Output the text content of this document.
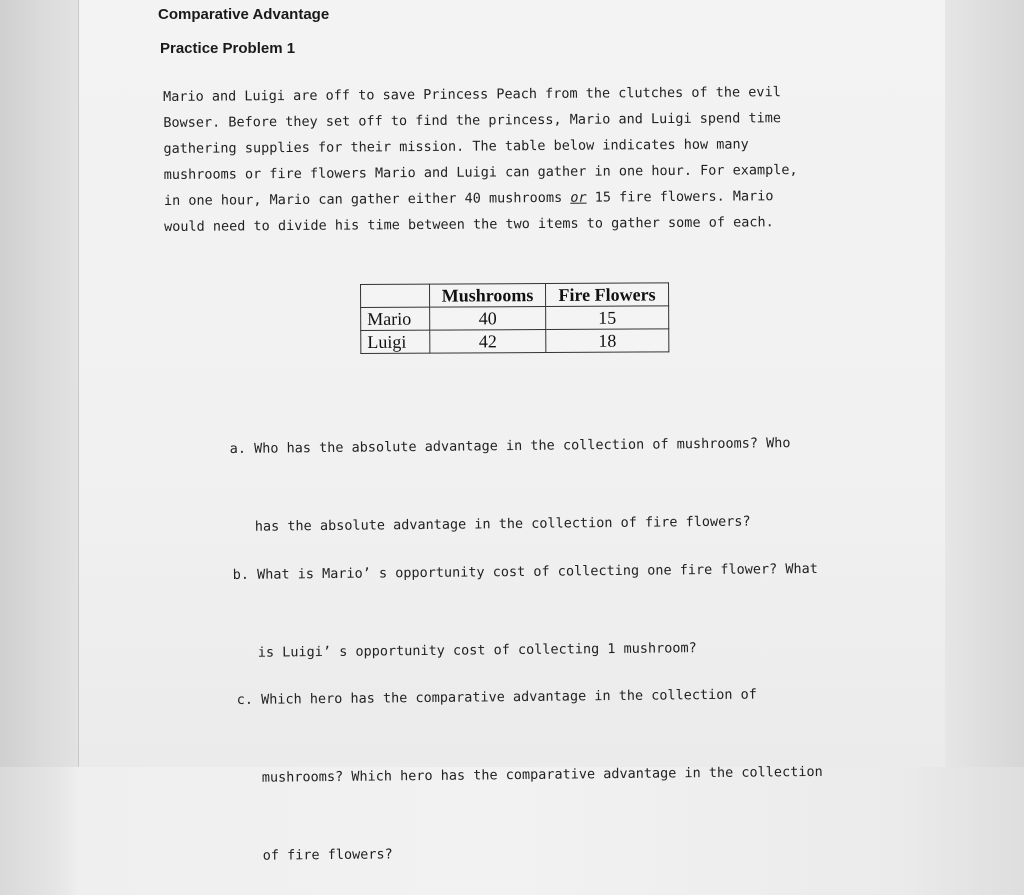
Comparative Advantage
Practice Problem 1
Mario and Luigi are off to save Princess Peach from the clutches of the evil
Bowser. Before they set off to find the princess, Mario and Luigi spend time
gathering supplies for their mission. The table below indicates how many
mushrooms or fire flowers Mario and Luigi can gather in one hour. For example,
in one hour, Mario can gather either 40 mushrooms or 15 fire flowers. Mario
would need to divide his time between the two items to gather some of each.
	Mushrooms	Fire Flowers
Mario	40	15
Luigi	42	18

a. Who has the absolute advantage in the collection of mushrooms? Who

has the absolute advantage in the collection of fire flowers?

b. What is Mario’ s opportunity cost of collecting one fire flower? What

is Luigi’ s opportunity cost of collecting 1 mushroom?

c. Which hero has the comparative advantage in the collection of

mushrooms? Which hero has the comparative advantage in the collection

of fire flowers?
